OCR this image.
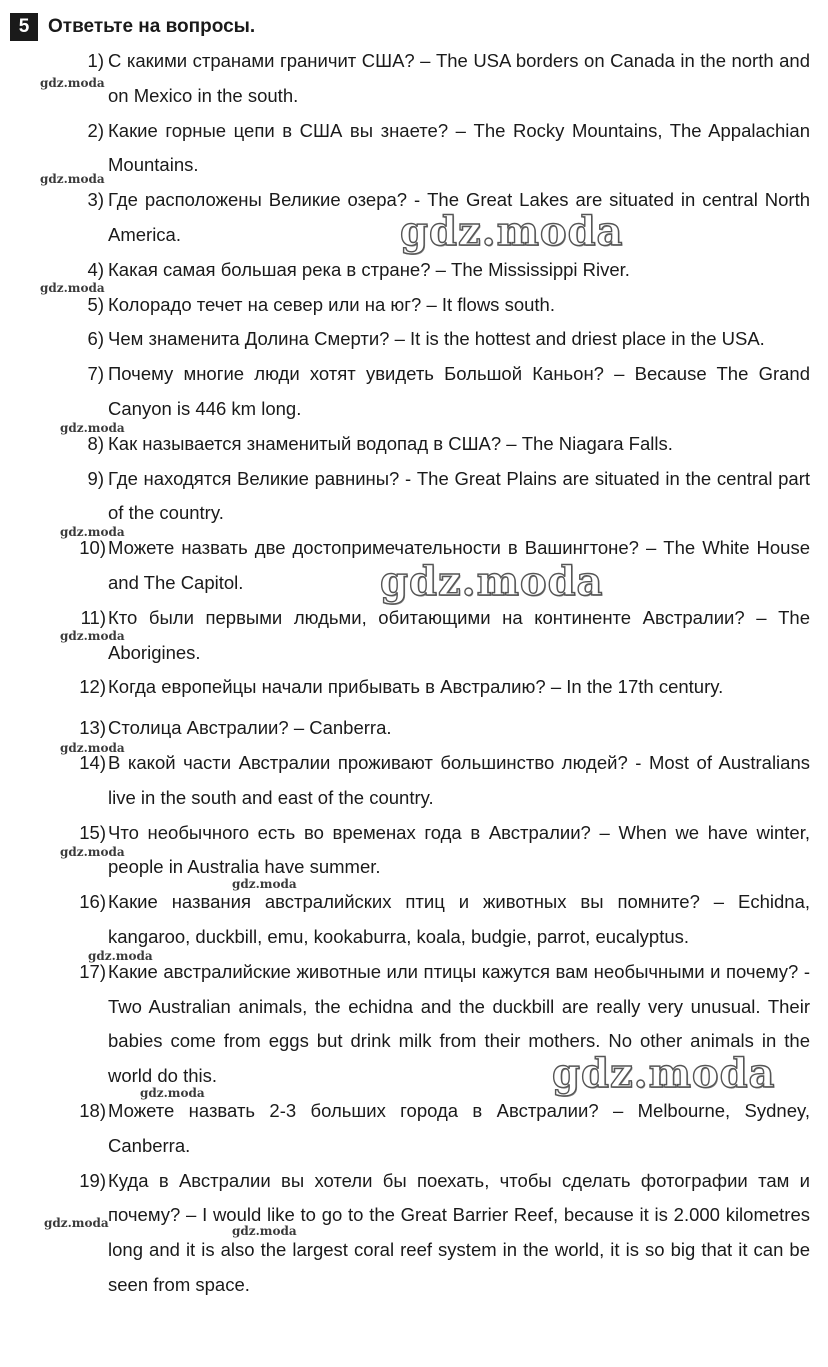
5 Ответьте на вопросы.
1) С какими странами граничит США? – The USA borders on Canada in the north and on Mexico in the south.
2) Какие горные цепи в США вы знаете? – The Rocky Mountains, The Appalachian Mountains.
3) Где расположены Великие озера? - The Great Lakes are situated in central North America.
4) Какая самая большая река в стране? – The Mississippi River.
5) Колорадо течет на север или на юг? – It flows south.
6) Чем знаменита Долина Смерти? – It is the hottest and driest place in the USA.
7) Почему многие люди хотят увидеть Большой Каньон? – Because The Grand Canyon is 446 km long.
8) Как называется знаменитый водопад в США? – The Niagara Falls.
9) Где находятся Великие равнины? - The Great Plains are situated in the central part of the country.
10) Можете назвать две достопримечательности в Вашингтоне? – The White House and The Capitol.
11) Кто были первыми людьми, обитающими на континенте Австралии? – The Aborigines.
12) Когда европейцы начали прибывать в Австралию? – In the 17th century.
13) Столица Австралии? – Canberra.
14) В какой части Австралии проживают большинство людей? - Most of Australians live in the south and east of the country.
15) Что необычного есть во временах года в Австралии? – When we have winter, people in Australia have summer.
16) Какие названия австралийских птиц и животных вы помните? – Echidna, kangaroo, duckbill, emu, kookaburra, koala, budgie, parrot, eucalyptus.
17) Какие австралийские животные или птицы кажутся вам необычными и почему? - Two Australian animals, the echidna and the duckbill are really very unusual. Their babies come from eggs but drink milk from their mothers. No other animals in the world do this.
18) Можете назвать 2-3 больших города в Австралии? – Melbourne, Sydney, Canberra.
19) Куда в Австралии вы хотели бы поехать, чтобы сделать фотографии там и почему? – I would like to go to the Great Barrier Reef, because it is 2.000 kilometres long and it is also the largest coral reef system in the world, it is so big that it can be seen from space.
gdz.moda
gdz.moda
gdz.moda
gdz.moda
gdz.moda
gdz.moda
gdz.moda
gdz.moda
gdz.moda
gdz.moda
gdz.moda
gdz.moda
gdz.moda
gdz.moda
gdz.moda
gdz.moda
